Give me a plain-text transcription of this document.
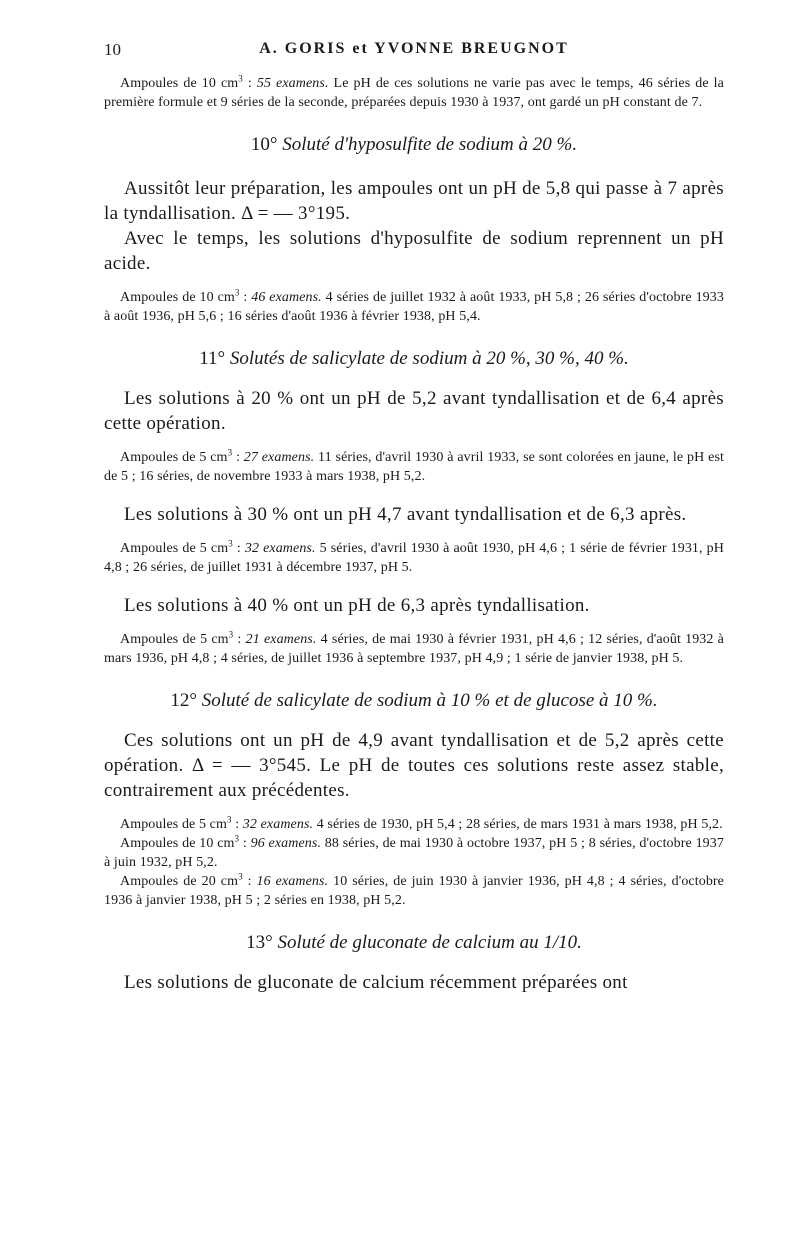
10	A. GORIS et YVONNE BREUGNOT

Ampoules de 10 $cm^3$ : 55 examens. Le pH de ces solutions ne varie pas avec le temps, 46 séries de la première formule et 9 séries de la seconde, préparées depuis 1930 à 1937, ont gardé un pH constant de 7.

10° Soluté d'hyposulfite de sodium à 20 %.

Aussitôt leur préparation, les ampoules ont un pH de 5,8 qui passe à 7 après la tyndallisation. Δ = — 3°195.

Avec le temps, les solutions d'hyposulfite de sodium reprennent un pH acide.

Ampoules de 10 $cm^3$ : 46 examens. 4 séries de juillet 1932 à août 1933, pH 5,8 ; 26 séries d'octobre 1933 à août 1936, pH 5,6 ; 16 séries d'août 1936 à février 1938, pH 5,4.

11° Solutés de salicylate de sodium à 20 %, 30 %, 40 %.

Les solutions à 20 % ont un pH de 5,2 avant tyndallisation et de 6,4 après cette opération.

Ampoules de 5 $cm^3$ : 27 examens. 11 séries, d'avril 1930 à avril 1933, se sont colorées en jaune, le pH est de 5 ; 16 séries, de novembre 1933 à mars 1938, pH 5,2.

Les solutions à 30 % ont un pH 4,7 avant tyndallisation et de 6,3 après.

Ampoules de 5 $cm^3$ : 32 examens. 5 séries, d'avril 1930 à août 1930, pH 4,6 ; 1 série de février 1931, pH 4,8 ; 26 séries, de juillet 1931 à décembre 1937, pH 5.

Les solutions à 40 % ont un pH de 6,3 après tyndallisation.

Ampoules de 5 $cm^3$ : 21 examens. 4 séries, de mai 1930 à février 1931, pH 4,6 ; 12 séries, d'août 1932 à mars 1936, pH 4,8 ; 4 séries, de juillet 1936 à septembre 1937, pH 4,9 ; 1 série de janvier 1938, pH 5.

12° Soluté de salicylate de sodium à 10 % et de glucose à 10 %.

Ces solutions ont un pH de 4,9 avant tyndallisation et de 5,2 après cette opération. Δ = — 3°545. Le pH de toutes ces solutions reste assez stable, contrairement aux précédentes.

Ampoules de 5 $cm^3$ : 32 examens. 4 séries de 1930, pH 5,4 ; 28 séries, de mars 1931 à mars 1938, pH 5,2.

Ampoules de 10 $cm^3$ : 96 examens. 88 séries, de mai 1930 à octobre 1937, pH 5 ; 8 séries, d'octobre 1937 à juin 1932, pH 5,2.

Ampoules de 20 $cm^3$ : 16 examens. 10 séries, de juin 1930 à janvier 1936, pH 4,8 ; 4 séries, d'octobre 1936 à janvier 1938, pH 5 ; 2 séries en 1938, pH 5,2.

13° Soluté de gluconate de calcium au 1/10.

Les solutions de gluconate de calcium récemment préparées ont
